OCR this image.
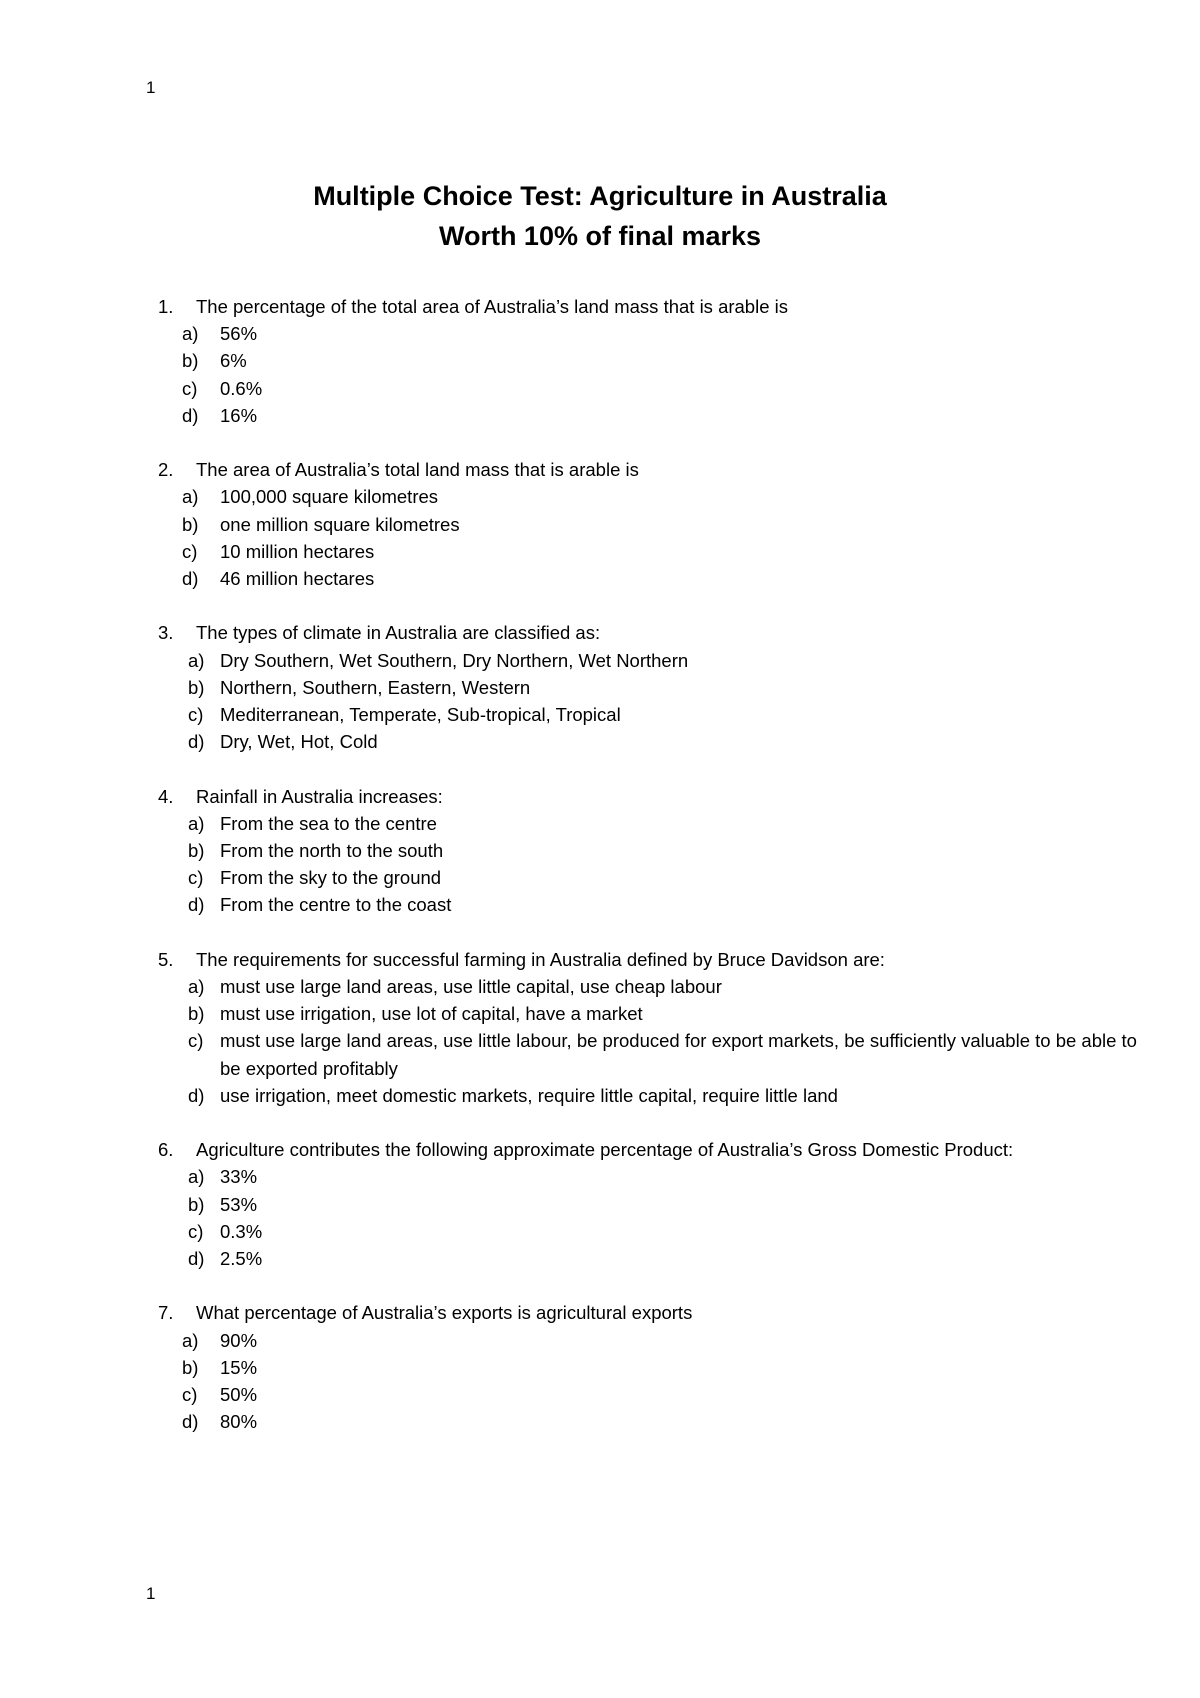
1
Multiple Choice Test: Agriculture in Australia
Worth 10% of final marks
1.	The percentage of the total area of Australia’s land mass that is arable is
a)	56%
b)	6%
c)	0.6%
d)	16%
2.	The area of Australia’s total land mass that is arable is
a)	100,000 square kilometres
b)	one million square kilometres
c)	10 million hectares
d)	46 million hectares
3.	The types of climate in Australia are classified as:
a) Dry Southern, Wet Southern, Dry Northern, Wet Northern
b) Northern, Southern, Eastern, Western
c) Mediterranean, Temperate, Sub-tropical, Tropical
d) Dry, Wet, Hot, Cold
4.	Rainfall in Australia increases:
a) From the sea to the centre
b) From the north to the south
c) From the sky to the ground
d) From the centre to the coast
5.	The requirements for successful farming in Australia defined by Bruce Davidson are:
a) must use large land areas, use little capital, use cheap labour
b) must use irrigation, use lot of capital, have a market
c) must use large land areas, use little labour, be produced for export markets, be sufficiently valuable to be able to be exported profitably
d) use irrigation, meet domestic markets, require little capital, require little land
6.	Agriculture contributes the following approximate percentage of Australia’s Gross Domestic Product:
a) 33%
b) 53%
c) 0.3%
d) 2.5%
7.	What percentage of Australia’s exports is agricultural exports
a)	90%
b)	15%
c)	50%
d)	80%
1
